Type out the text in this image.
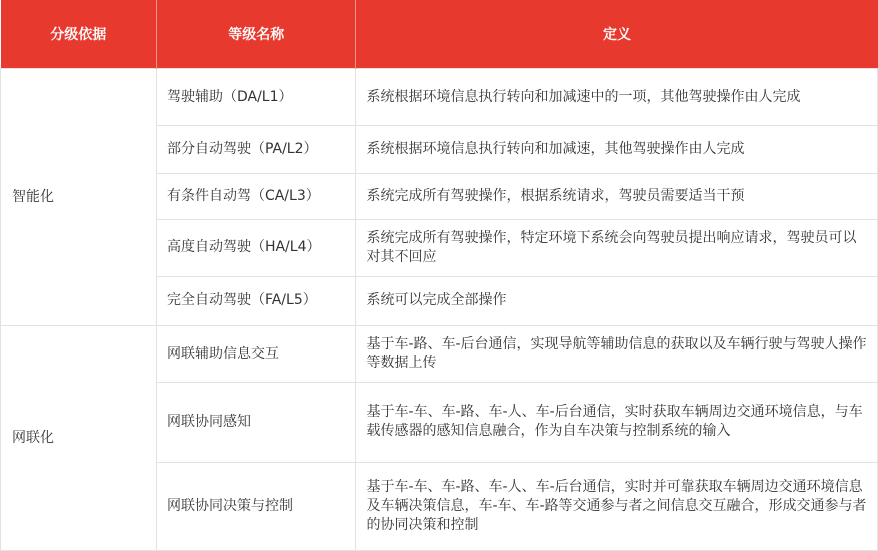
分级依据	等级名称	定义
智能化	驾驶辅助（DA/L1）	系统根据环境信息执行转向和加减速中的一项，其他驾驶操作由人完成
	部分自动驾驶（PA/L2）	系统根据环境信息执行转向和加减速，其他驾驶操作由人完成
	有条件自动驾（CA/L3）	系统完成所有驾驶操作，根据系统请求，驾驶员需要适当干预
	高度自动驾驶（HA/L4）	系统完成所有驾驶操作，特定环境下系统会向驾驶员提出响应请求，驾驶员可以对其不回应
	完全自动驾驶（FA/L5）	系统可以完成全部操作
网联化	网联辅助信息交互	基于车-路、车-后台通信，实现导航等辅助信息的获取以及车辆行驶与驾驶人操作等数据上传
	网联协同感知	基于车-车、车-路、车-人、车-后台通信，实时获取车辆周边交通环境信息，与车载传感器的感知信息融合，作为自车决策与控制系统的输入
	网联协同决策与控制	基于车-车、车-路、车-人、车-后台通信，实时并可靠获取车辆周边交通环境信息及车辆决策信息，车-车、车-路等交通参与者之间信息交互融合，形成交通参与者的协同决策和控制
